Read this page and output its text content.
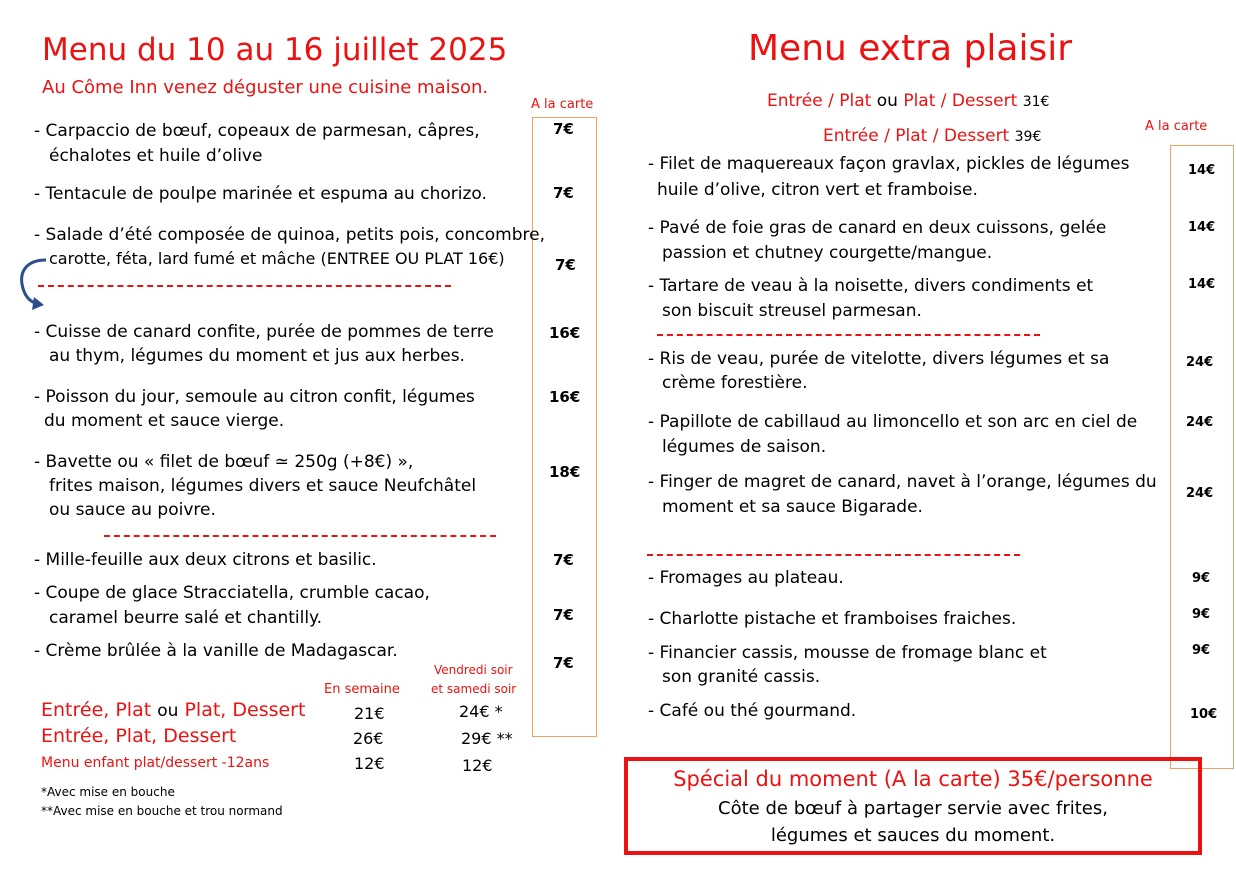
Menu du 10 au 16 juillet 2025
Au Côme Inn venez déguster une cuisine maison.
A la carte
- Carpaccio de bœuf, copeaux de parmesan, câpres,
échalotes et huile d’olive
7€
- Tentacule de poulpe marinée et espuma au chorizo.	7€
- Salade d’été composée de quinoa, petits pois, concombre,
carotte, féta, lard fumé et mâche (ENTREE OU PLAT 16€)	7€
- Cuisse de canard confite, purée de pommes de terre
au thym, légumes du moment et jus aux herbes.
16€
- Poisson du jour, semoule au citron confit, légumes
du moment et sauce vierge.
16€
- Bavette ou « filet de bœuf ≃ 250g (+8€) »,
frites maison, légumes divers et sauce Neufchâtel
ou sauce au poivre.
18€
- Mille-feuille aux deux citrons et basilic.	7€
- Coupe de glace Stracciatella, crumble cacao,
caramel beurre salé et chantilly.	7€
- Crème brûlée à la vanille de Madagascar.
7€
En semaine
Vendredi soir
et samedi soir
Entrée, Plat ou Plat, Dessert	21€	24€ *
Entrée, Plat, Dessert	26€	29€ **
Menu enfant plat/dessert -12ans	12€	12€
*Avec mise en bouche
**Avec mise en bouche et trou normand
Menu extra plaisir
Entrée / Plat ou Plat / Dessert 31€
Entrée / Plat / Dessert 39€
A la carte
- Filet de maquereaux façon gravlax, pickles de légumes
huile d’olive, citron vert et framboise.
14€
- Pavé de foie gras de canard en deux cuissons, gelée
passion et chutney courgette/mangue.
14€
- Tartare de veau à la noisette, divers condiments et
son biscuit streusel parmesan.
14€
- Ris de veau, purée de vitelotte, divers légumes et sa
crème forestière.
24€
- Papillote de cabillaud au limoncello et son arc en ciel de
légumes de saison.
24€
- Finger de magret de canard, navet à l’orange, légumes du
moment et sa sauce Bigarade.
24€
- Fromages au plateau.	9€
- Charlotte pistache et framboises fraiches.	9€
- Financier cassis, mousse de fromage blanc et
son granité cassis.
9€
- Café ou thé gourmand.	10€
Spécial du moment (A la carte) 35€/personne
Côte de bœuf à partager servie avec frites,
légumes et sauces du moment.
